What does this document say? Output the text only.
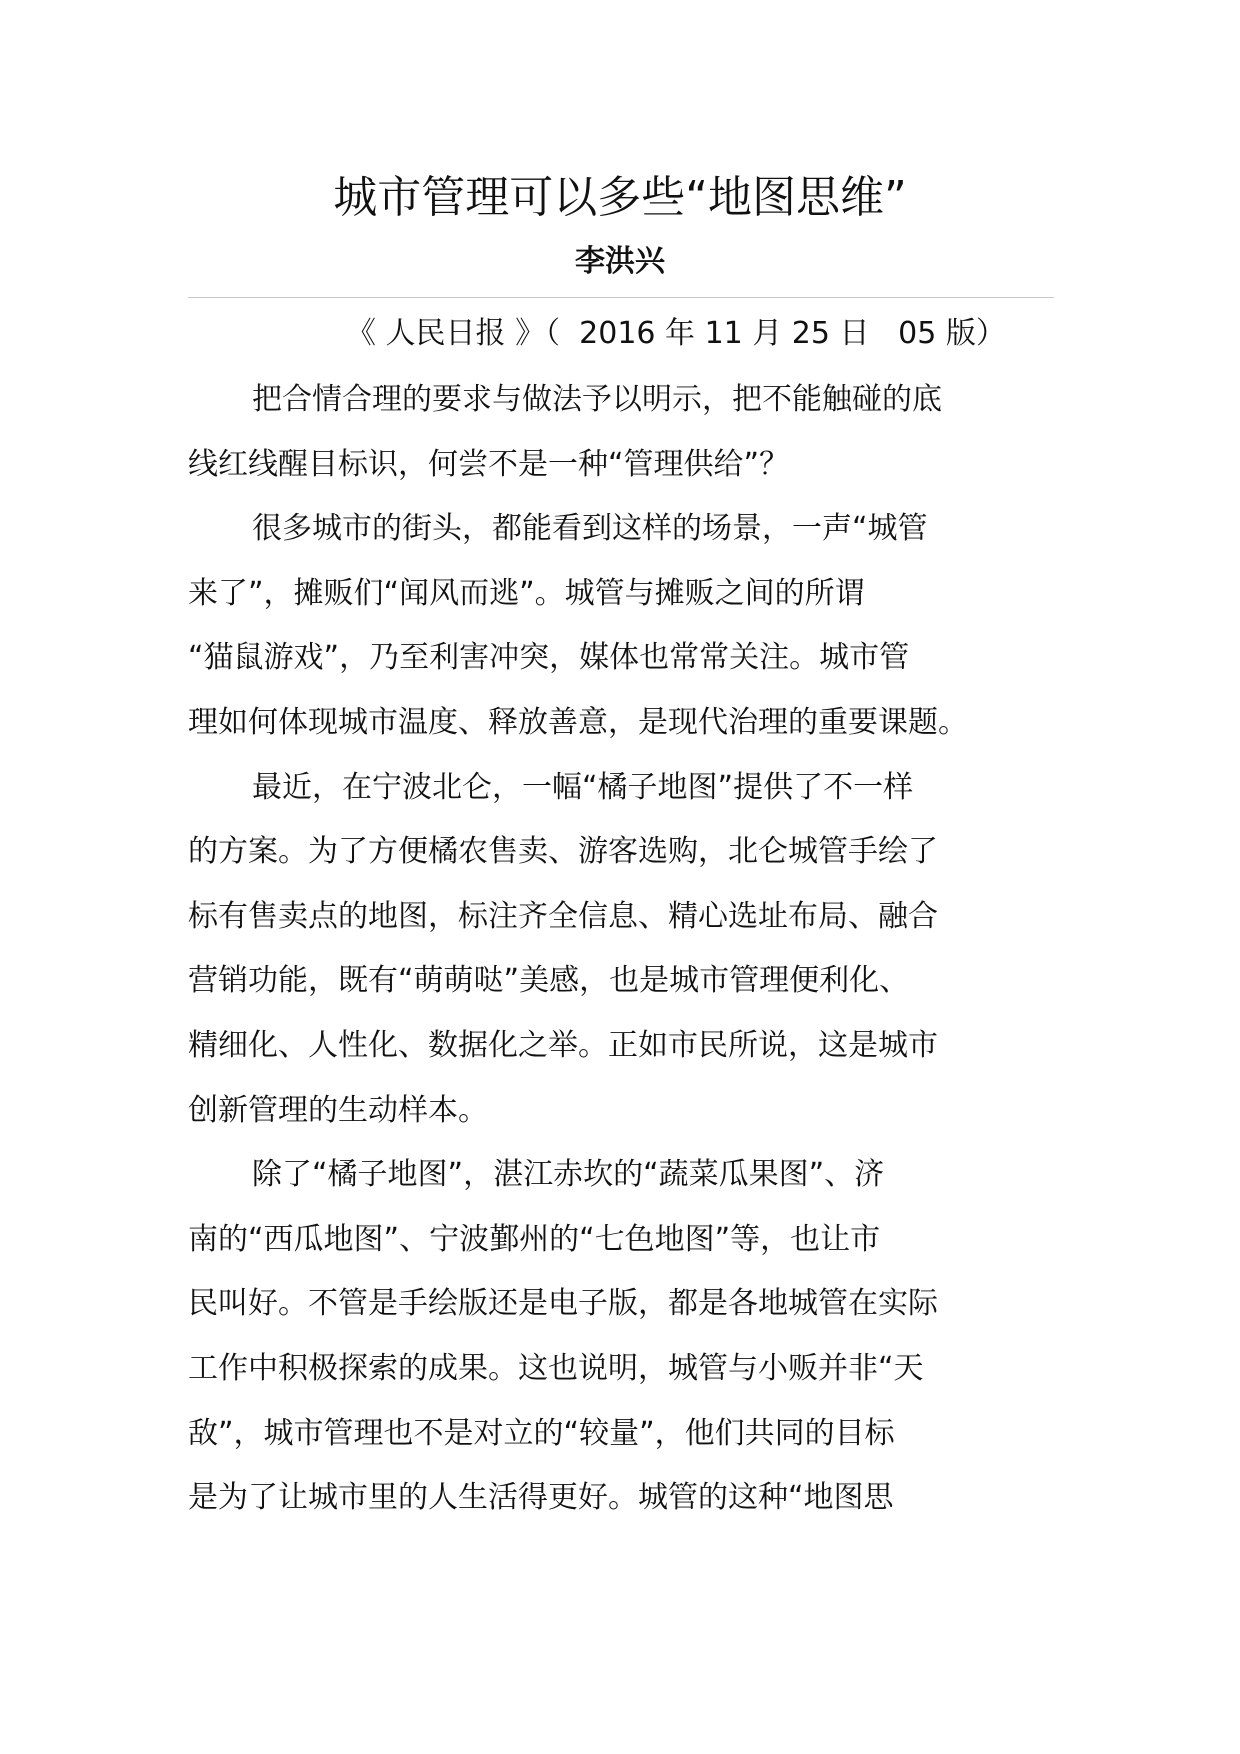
城市管理可以多些“地图思维”
李洪兴
《 人民日报 》（  2016 年 11 月 25 日   05 版）

把合情合理的要求与做法予以明示，把不能触碰的底

线红线醒目标识，何尝不是一种“管理供给”？

很多城市的街头，都能看到这样的场景，一声“城管

来了”，摊贩们“闻风而逃”。城管与摊贩之间的所谓

“猫鼠游戏”，乃至利害冲突，媒体也常常关注。城市管

理如何体现城市温度、释放善意，是现代治理的重要课题。

最近，在宁波北仑，一幅“橘子地图”提供了不一样

的方案。为了方便橘农售卖、游客选购，北仑城管手绘了

标有售卖点的地图，标注齐全信息、精心选址布局、融合

营销功能，既有“萌萌哒”美感，也是城市管理便利化、

精细化、人性化、数据化之举。正如市民所说，这是城市

创新管理的生动样本。

除了“橘子地图”，湛江赤坎的“蔬菜瓜果图”、济

南的“西瓜地图”、宁波鄞州的“七色地图”等，也让市

民叫好。不管是手绘版还是电子版，都是各地城管在实际

工作中积极探索的成果。这也说明，城管与小贩并非“天

敌”，城市管理也不是对立的“较量”，他们共同的目标

是为了让城市里的人生活得更好。城管的这种“地图思
